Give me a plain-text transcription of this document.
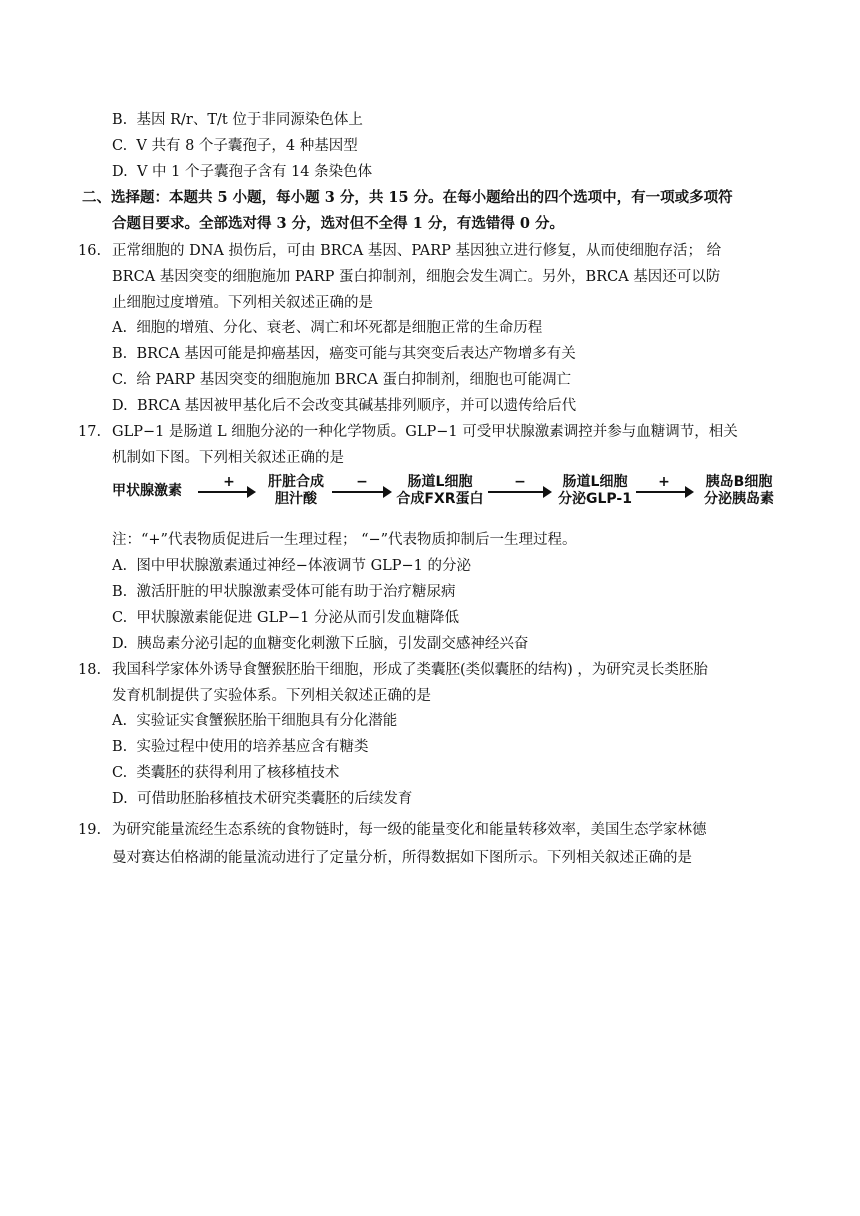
B. 基因 R/r、T/t 位于非同源染色体上
C. V 共有 8 个子囊孢子，4 种基因型
D. V 中 1 个子囊孢子含有 14 条染色体
二、选择题：本题共 5 小题，每小题 3 分，共 15 分。在每小题给出的四个选项中，有一项或多项符
合题目要求。全部选对得 3 分，选对但不全得 1 分，有选错得 0 分。
16. 正常细胞的 DNA 损伤后，可由 BRCA 基因、PARP 基因独立进行修复，从而使细胞存活； 给
BRCA 基因突变的细胞施加 PARP 蛋白抑制剂，细胞会发生凋亡。另外，BRCA 基因还可以防
止细胞过度增殖。下列相关叙述正确的是
A. 细胞的增殖、分化、衰老、凋亡和坏死都是细胞正常的生命历程
B. BRCA 基因可能是抑癌基因，癌变可能与其突变后表达产物增多有关
C. 给 PARP 基因突变的细胞施加 BRCA 蛋白抑制剂，细胞也可能凋亡
D. BRCA 基因被甲基化后不会改变其碱基排列顺序，并可以遗传给后代
17. GLP−1 是肠道 L 细胞分泌的一种化学物质。GLP−1 可受甲状腺激素调控并参与血糖调节，相关
机制如下图。下列相关叙述正确的是
甲状腺激素
+	肝脏合成
胆汁酸
−	肠道L细胞
合成FXR蛋白
−	肠道L细胞
分泌GLP-1
+	胰岛B细胞
分泌胰岛素
注：“+”代表物质促进后一生理过程； “−”代表物质抑制后一生理过程。
A. 图中甲状腺激素通过神经−体液调节 GLP−1 的分泌
B. 激活肝脏的甲状腺激素受体可能有助于治疗糖尿病
C. 甲状腺激素能促进 GLP−1 分泌从而引发血糖降低
D. 胰岛素分泌引起的血糖变化刺激下丘脑，引发副交感神经兴奋
18. 我国科学家体外诱导食蟹猴胚胎干细胞，形成了类囊胚(类似囊胚的结构) ，为研究灵长类胚胎
发育机制提供了实验体系。下列相关叙述正确的是
A. 实验证实食蟹猴胚胎干细胞具有分化潜能
B. 实验过程中使用的培养基应含有糖类
C. 类囊胚的获得利用了核移植技术
D. 可借助胚胎移植技术研究类囊胚的后续发育
19. 为研究能量流经生态系统的食物链时，每一级的能量变化和能量转移效率，美国生态学家林德
曼对赛达伯格湖的能量流动进行了定量分析，所得数据如下图所示。下列相关叙述正确的是
